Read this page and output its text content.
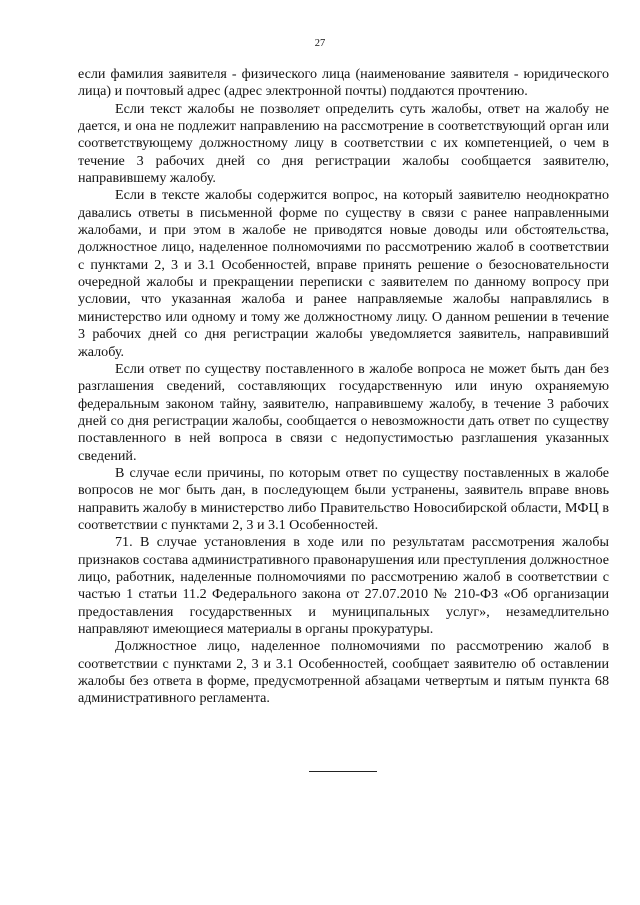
27

если фамилия заявителя - физического лица (наименование заявителя - юридического лица) и почтовый адрес (адрес электронной почты) поддаются прочтению.

Если текст жалобы не позволяет определить суть жалобы, ответ на жалобу не дается, и она не подлежит направлению на рассмотрение в соответствующий орган или соответствующему должностному лицу в соответствии с их компетенцией, о чем в течение 3 рабочих дней со дня регистрации жалобы сообщается заявителю, направившему жалобу.

Если в тексте жалобы содержится вопрос, на который заявителю неоднократно давались ответы в письменной форме по существу в связи с ранее направленными жалобами, и при этом в жалобе не приводятся новые доводы или обстоятельства, должностное лицо, наделенное полномочиями по рассмотрению жалоб в соответствии с пунктами 2, 3 и 3.1 Особенностей, вправе принять решение о безосновательности очередной жалобы и прекращении переписки с заявителем по данному вопросу при условии, что указанная жалоба и ранее направляемые жалобы направлялись в министерство или одному и тому же должностному лицу. О данном решении в течение 3 рабочих дней со дня регистрации жалобы уведомляется заявитель, направивший жалобу.

Если ответ по существу поставленного в жалобе вопроса не может быть дан без разглашения сведений, составляющих государственную или иную охраняемую федеральным законом тайну, заявителю, направившему жалобу, в течение 3 рабочих дней со дня регистрации жалобы, сообщается о невозможности дать ответ по существу поставленного в ней вопроса в связи с недопустимостью разглашения указанных сведений.

В случае если причины, по которым ответ по существу поставленных в жалобе вопросов не мог быть дан, в последующем были устранены, заявитель вправе вновь направить жалобу в министерство либо Правительство Новосибирской области, МФЦ в соответствии с пунктами 2, 3 и 3.1 Особенностей.

71. В случае установления в ходе или по результатам рассмотрения жалобы признаков состава административного правонарушения или преступления должностное лицо, работник, наделенные полномочиями по рассмотрению жалоб в соответствии с частью 1 статьи 11.2 Федерального закона от 27.07.2010 № 210-ФЗ «Об организации предоставления государственных и муниципальных услуг», незамедлительно направляют имеющиеся материалы в органы прокуратуры.

Должностное лицо, наделенное полномочиями по рассмотрению жалоб в соответствии с пунктами 2, 3 и 3.1 Особенностей, сообщает заявителю об оставлении жалобы без ответа в форме, предусмотренной абзацами четвертым и пятым пункта 68 административного регламента.
